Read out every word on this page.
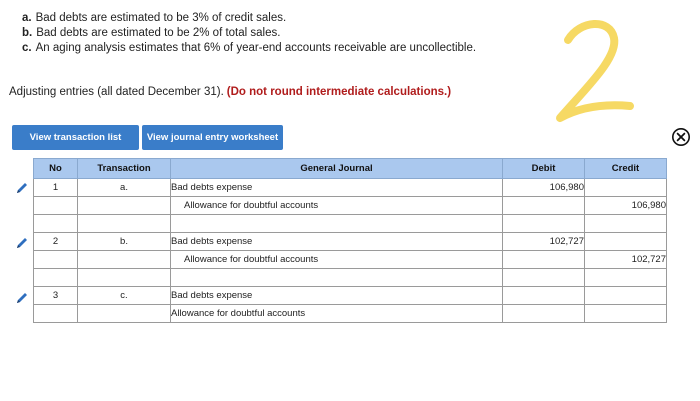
a. Bad debts are estimated to be 3% of credit sales.
b. Bad debts are estimated to be 2% of total sales.
c. An aging analysis estimates that 6% of year-end accounts receivable are uncollectible.
Adjusting entries (all dated December 31). (Do not round intermediate calculations.)
View transaction list	View journal entry worksheet
No	Transaction	General Journal	Debit	Credit
1	a.	Bad debts expense	106,980	
		Allowance for doubtful accounts		106,980

2	b.	Bad debts expense	102,727	
		Allowance for doubtful accounts		102,727

3	c.	Bad debts expense		
		Allowance for doubtful accounts		
